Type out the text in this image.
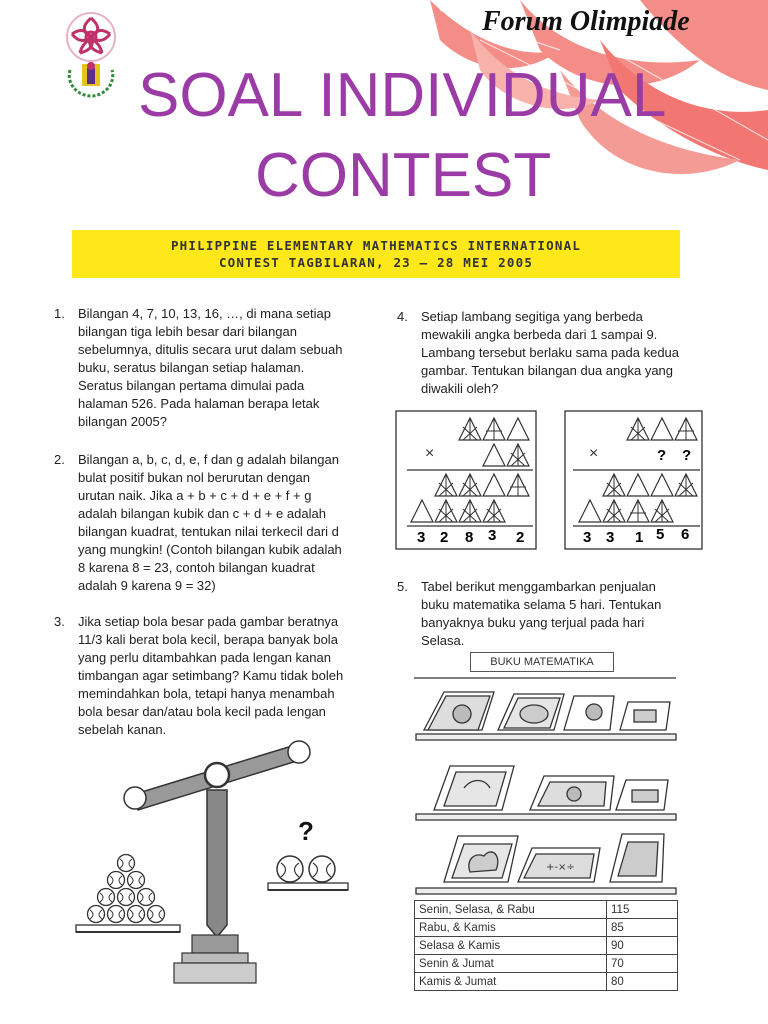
Forum Olimpiade
SOAL INDIVIDUAL
CONTEST
PHILIPPINE ELEMENTARY MATHEMATICS INTERNATIONAL
CONTEST TAGBILARAN, 23 – 28 MEI 2005
1. Bilangan 4, 7, 10, 13, 16, …, di mana setiap
bilangan tiga lebih besar dari bilangan
sebelumnya, ditulis secara urut dalam sebuah
buku, seratus bilangan setiap halaman.
Seratus bilangan pertama dimulai pada
halaman 526. Pada halaman berapa letak
bilangan 2005?
2. Bilangan a, b, c, d, e, f dan g adalah bilangan
bulat positif bukan nol berurutan dengan
urutan naik. Jika a + b + c + d + e + f + g
adalah bilangan kubik dan c + d + e adalah
bilangan kuadrat, tentukan nilai terkecil dari d
yang mungkin! (Contoh bilangan kubik adalah
8 karena 8 = 23, contoh bilangan kuadrat
adalah 9 karena 9 = 32)
3. Jika setiap bola besar pada gambar beratnya
11/3 kali berat bola kecil, berapa banyak bola
yang perlu ditambahkan pada lengan kanan
timbangan agar setimbang? Kamu tidak boleh
memindahkan bola, tetapi hanya menambah
bola besar dan/atau bola kecil pada lengan
sebelah kanan.
4. Setiap lambang segitiga yang berbeda
mewakili angka berbeda dari 1 sampai 9.
Lambang tersebut berlaku sama pada kedua
gambar. Tentukan bilangan dua angka yang
diwakili oleh?
5. Tabel berikut menggambarkan penjualan
buku matematika selama 5 hari. Tentukan
banyaknya buku yang terjual pada hari
Selasa.
?
×
3 2 8 3 2
×	? ?
3 3 1 5 6
BUKU MATEMATIKA
+-×÷
Senin, Selasa, & Rabu	115
Rabu, & Kamis	85
Selasa & Kamis	90
Senin & Jumat	70
Kamis & Jumat	80
